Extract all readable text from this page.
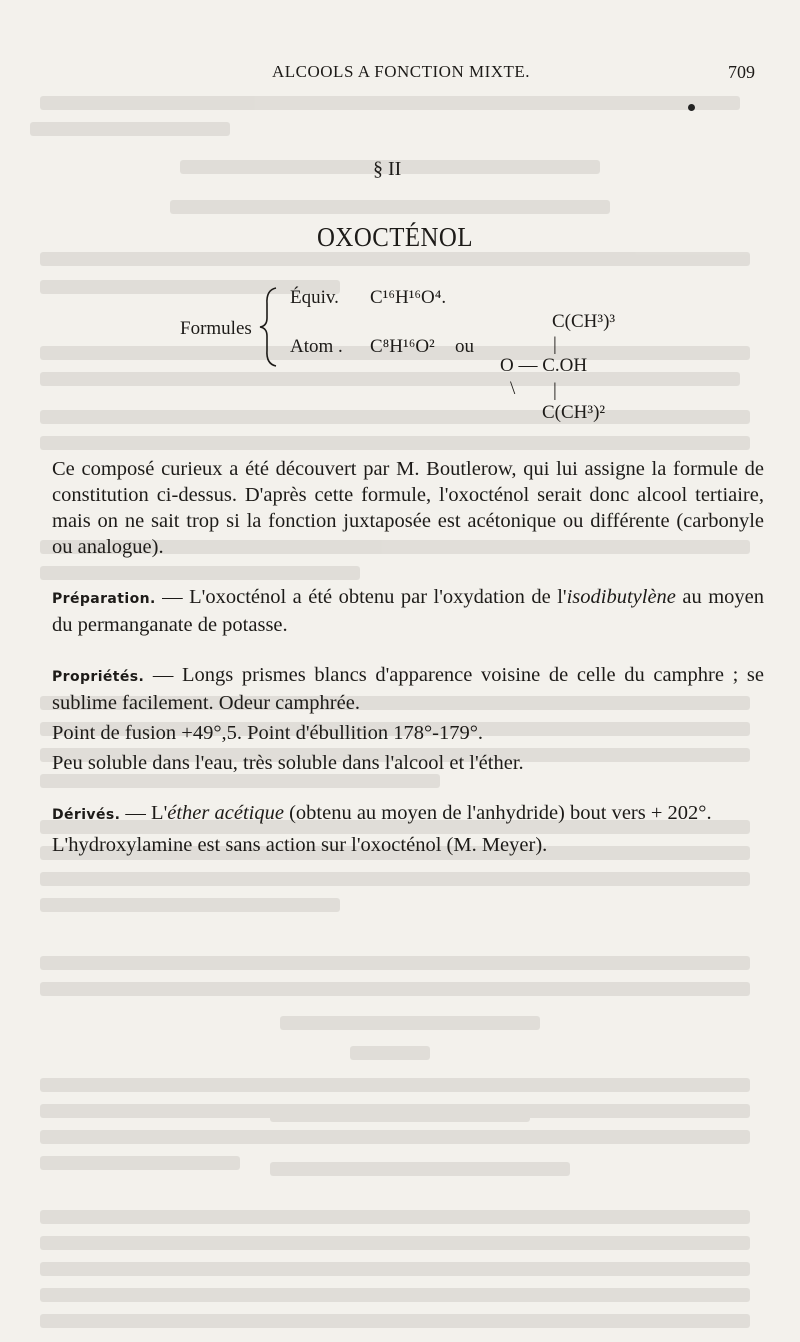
ALCOOLS A FONCTION MIXTE.	709
§ II
OXOCTÉNOL
Formules
Équiv. C¹⁶H¹⁶O⁴.
Atom . C⁸H¹⁶O² ou
C(CH³)³
|
O — C.OH
\ |
C(CH³)²

Ce composé curieux a été découvert par M. Boutlerow, qui lui assigne la formule de constitution ci-dessus. D'après cette formule, l'oxocténol serait donc alcool tertiaire, mais on ne sait trop si la fonction juxtaposée est acétonique ou différente (carbonyle ou analogue).

Préparation. — L'oxocténol a été obtenu par l'oxydation de l'isodibutylène au moyen du permanganate de potasse.

Propriétés. — Longs prismes blancs d'apparence voisine de celle du camphre ; se sublime facilement. Odeur camphrée.

Point de fusion +49°,5. Point d'ébullition 178°-179°.

Peu soluble dans l'eau, très soluble dans l'alcool et l'éther.

Dérivés. — L'éther acétique (obtenu au moyen de l'anhydride) bout vers + 202°.

L'hydroxylamine est sans action sur l'oxocténol (M. Meyer).
